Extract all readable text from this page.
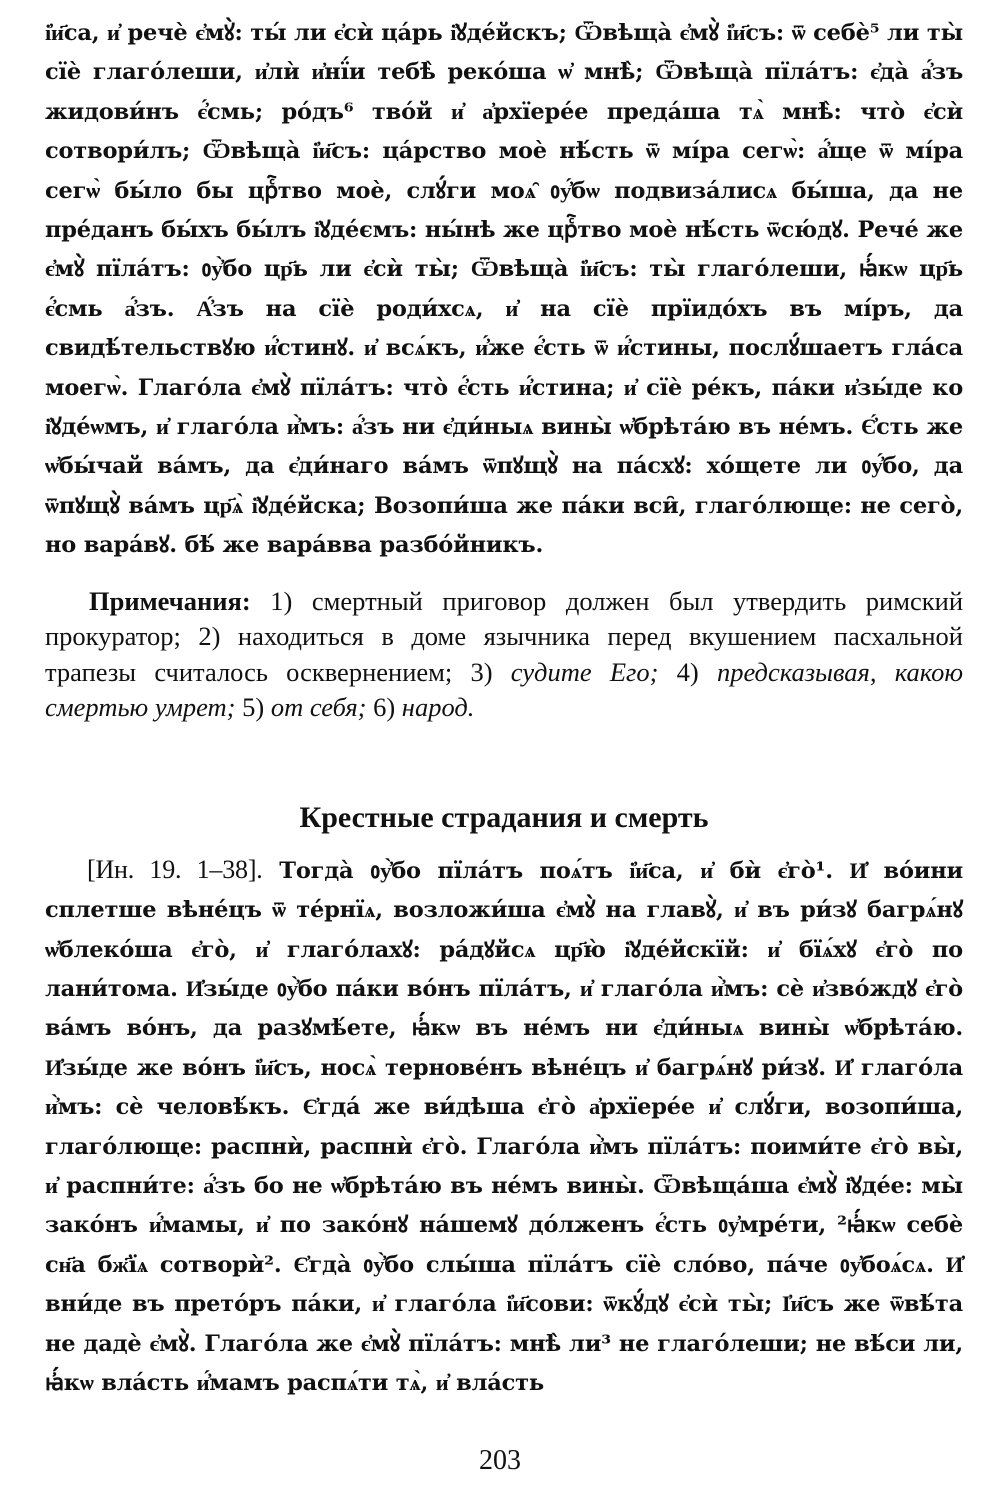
і҆и҃са, и҆ речѐ є҆мꙋ̀: ты́ ли є҆сѝ ца́рь і҆ꙋде́йскъ; Ѿвѣща̀ є҆мꙋ̀ і҆и҃съ: ѿ себѐ⁵ ли ты̀ сїѐ глаго́леши, и҆лѝ и҆нї́и тебѣ̀ реко́ша ѡ҆ мнѣ̀; Ѿвѣща̀ пїла́тъ: є҆да̀ а҆́зъ жидови́нъ є҆́смь; ро́дъ⁶ тво́й и҆ а҆рхїере́е преда́ша тѧ̀ мнѣ̀: что̀ є҆сѝ сотвори́лъ; Ѿвѣща̀ і҆и҃съ: ца́рство моѐ нѣ́сть ѿ мі́ра сегѡ̀: а҆́ще ѿ мі́ра сегѡ̀ бы́ло бы црⷭ҇тво моѐ, слꙋ́ги моѧ̑ ᲂу҆́бѡ подвиза́лисѧ бы́ша, да не пре́данъ бы́хъ бы́лъ і҆ꙋде́ємъ: ны́нѣ же црⷭ҇тво моѐ нѣ́сть ѿсю́дꙋ. Рече́ же є҆мꙋ̀ пїла́тъ: ᲂу҆̀бо цр҃ь ли є҆сѝ ты̀; Ѿвѣща̀ і҆и҃съ: ты̀ глаго́леши, ꙗ҆́кѡ цр҃ь є҆́смь а҆́зъ. А҆́зъ на сїѐ роди́хсѧ, и҆ на сїѐ прїидо́хъ въ мі́ръ, да свидѣ́тельствꙋю и҆́стинꙋ. и҆ всѧ́къ, и҆́же є҆́сть ѿ и҆́стины, послꙋ́шаетъ гла́са моегѡ̀. Глаго́ла є҆мꙋ̀ пїла́тъ: что̀ є҆́сть и҆́стина; и҆ сїѐ ре́къ, па́ки и҆зы́де ко і҆ꙋде́ѡмъ, и҆ глаго́ла и҆̀мъ: а҆́зъ ни є҆ди́ныѧ вины̀ ѡ҆брѣта́ю въ не́мъ. Є҆́сть же ѡ҆бы́чай ва́мъ, да є҆ди́наго ва́мъ ѿпꙋщꙋ̀ на па́схꙋ: хо́щете ли ᲂу҆́бо, да ѿпꙋщꙋ̀ ва́мъ цр҃ѧ̀ і҆ꙋде́йска; Возопи́ша же па́ки вси̑, глаго́люще: не сего̀, но вара́вꙋ. бѣ́ же вара́вва разбо́йникъ.

Примечания: 1) смертный приговор должен был утвердить римский прокуратор; 2) находиться в доме язычника перед вкушением пасхальной трапезы считалось осквернением; 3) судите Его; 4) предсказывая, какою смертью умрет; 5) от себя; 6) народ.

Крестные страдания и смерть

[Ин. 19. 1–38]. Тогда̀ ᲂу҆̀бо пїла́тъ поѧ́тъ і҆и҃са, и҆ бѝ є҆го̀¹. И҆ во́ини сплетше вѣне́цъ ѿ те́рнїѧ, возложи́ша є҆мꙋ̀ на главꙋ̀, и҆ въ ри́зꙋ багрѧ́нꙋ ѡ҆блеко́ша є҆го̀, и҆ глаго́лахꙋ: ра́дꙋйсѧ цр҃ю̀ і҆ꙋде́йскїй: и҆ бїѧ́хꙋ є҆го̀ по лани́тома. И҆зы́де ᲂу҆̀бо па́ки во́нъ пїла́тъ, и҆ глаго́ла и҆̀мъ: сѐ и҆зво́ждꙋ є҆го̀ ва́мъ во́нъ, да разꙋмѣ́ете, ꙗ҆́кѡ въ не́мъ ни є҆ди́ныѧ вины̀ ѡ҆брѣта́ю. И҆зы́де же во́нъ і҆и҃съ, носѧ̀ тернове́нъ вѣне́цъ и҆ багрѧ́нꙋ ри́зꙋ. И҆ глаго́ла и҆̀мъ: сѐ человѣ́къ. Є҆гда́ же ви́дѣша є҆го̀ а҆рхїере́е и҆ слꙋ́ги, возопи́ша, глаго́люще: распнѝ, распнѝ є҆го̀. Глаго́ла и҆̀мъ пїла́тъ: поими́те є҆го̀ вы̀, и҆ распни́те: а҆́зъ бо не ѡ҆брѣта́ю въ не́мъ вины̀. Ѿвѣща́ша є҆мꙋ̀ і҆ꙋде́е: мы̀ зако́нъ и҆́мамы, и҆ по зако́нꙋ на́шемꙋ до́лженъ є҆́сть ᲂу҆мре́ти, ²ꙗ҆́кѡ себѐ сн҃а бж҃їѧ сотворѝ². Є҆гда̀ ᲂу҆̀бо слы́ша пїла́тъ сїѐ сло́во, па́че ᲂу҆боѧ́сѧ. И҆ вни́де въ прето́ръ па́ки, и҆ глаго́ла і҆и҃сови: ѿкꙋ́дꙋ є҆сѝ ты̀; І҆и҃съ же ѿвѣ́та не дадѐ є҆мꙋ̀. Глаго́ла же є҆мꙋ̀ пїла́тъ: мнѣ̀ ли³ не глаго́леши; не вѣ́си ли, ꙗ҆́кѡ вла́сть и҆́мамъ распѧ́ти тѧ̀, и҆ вла́сть

203
